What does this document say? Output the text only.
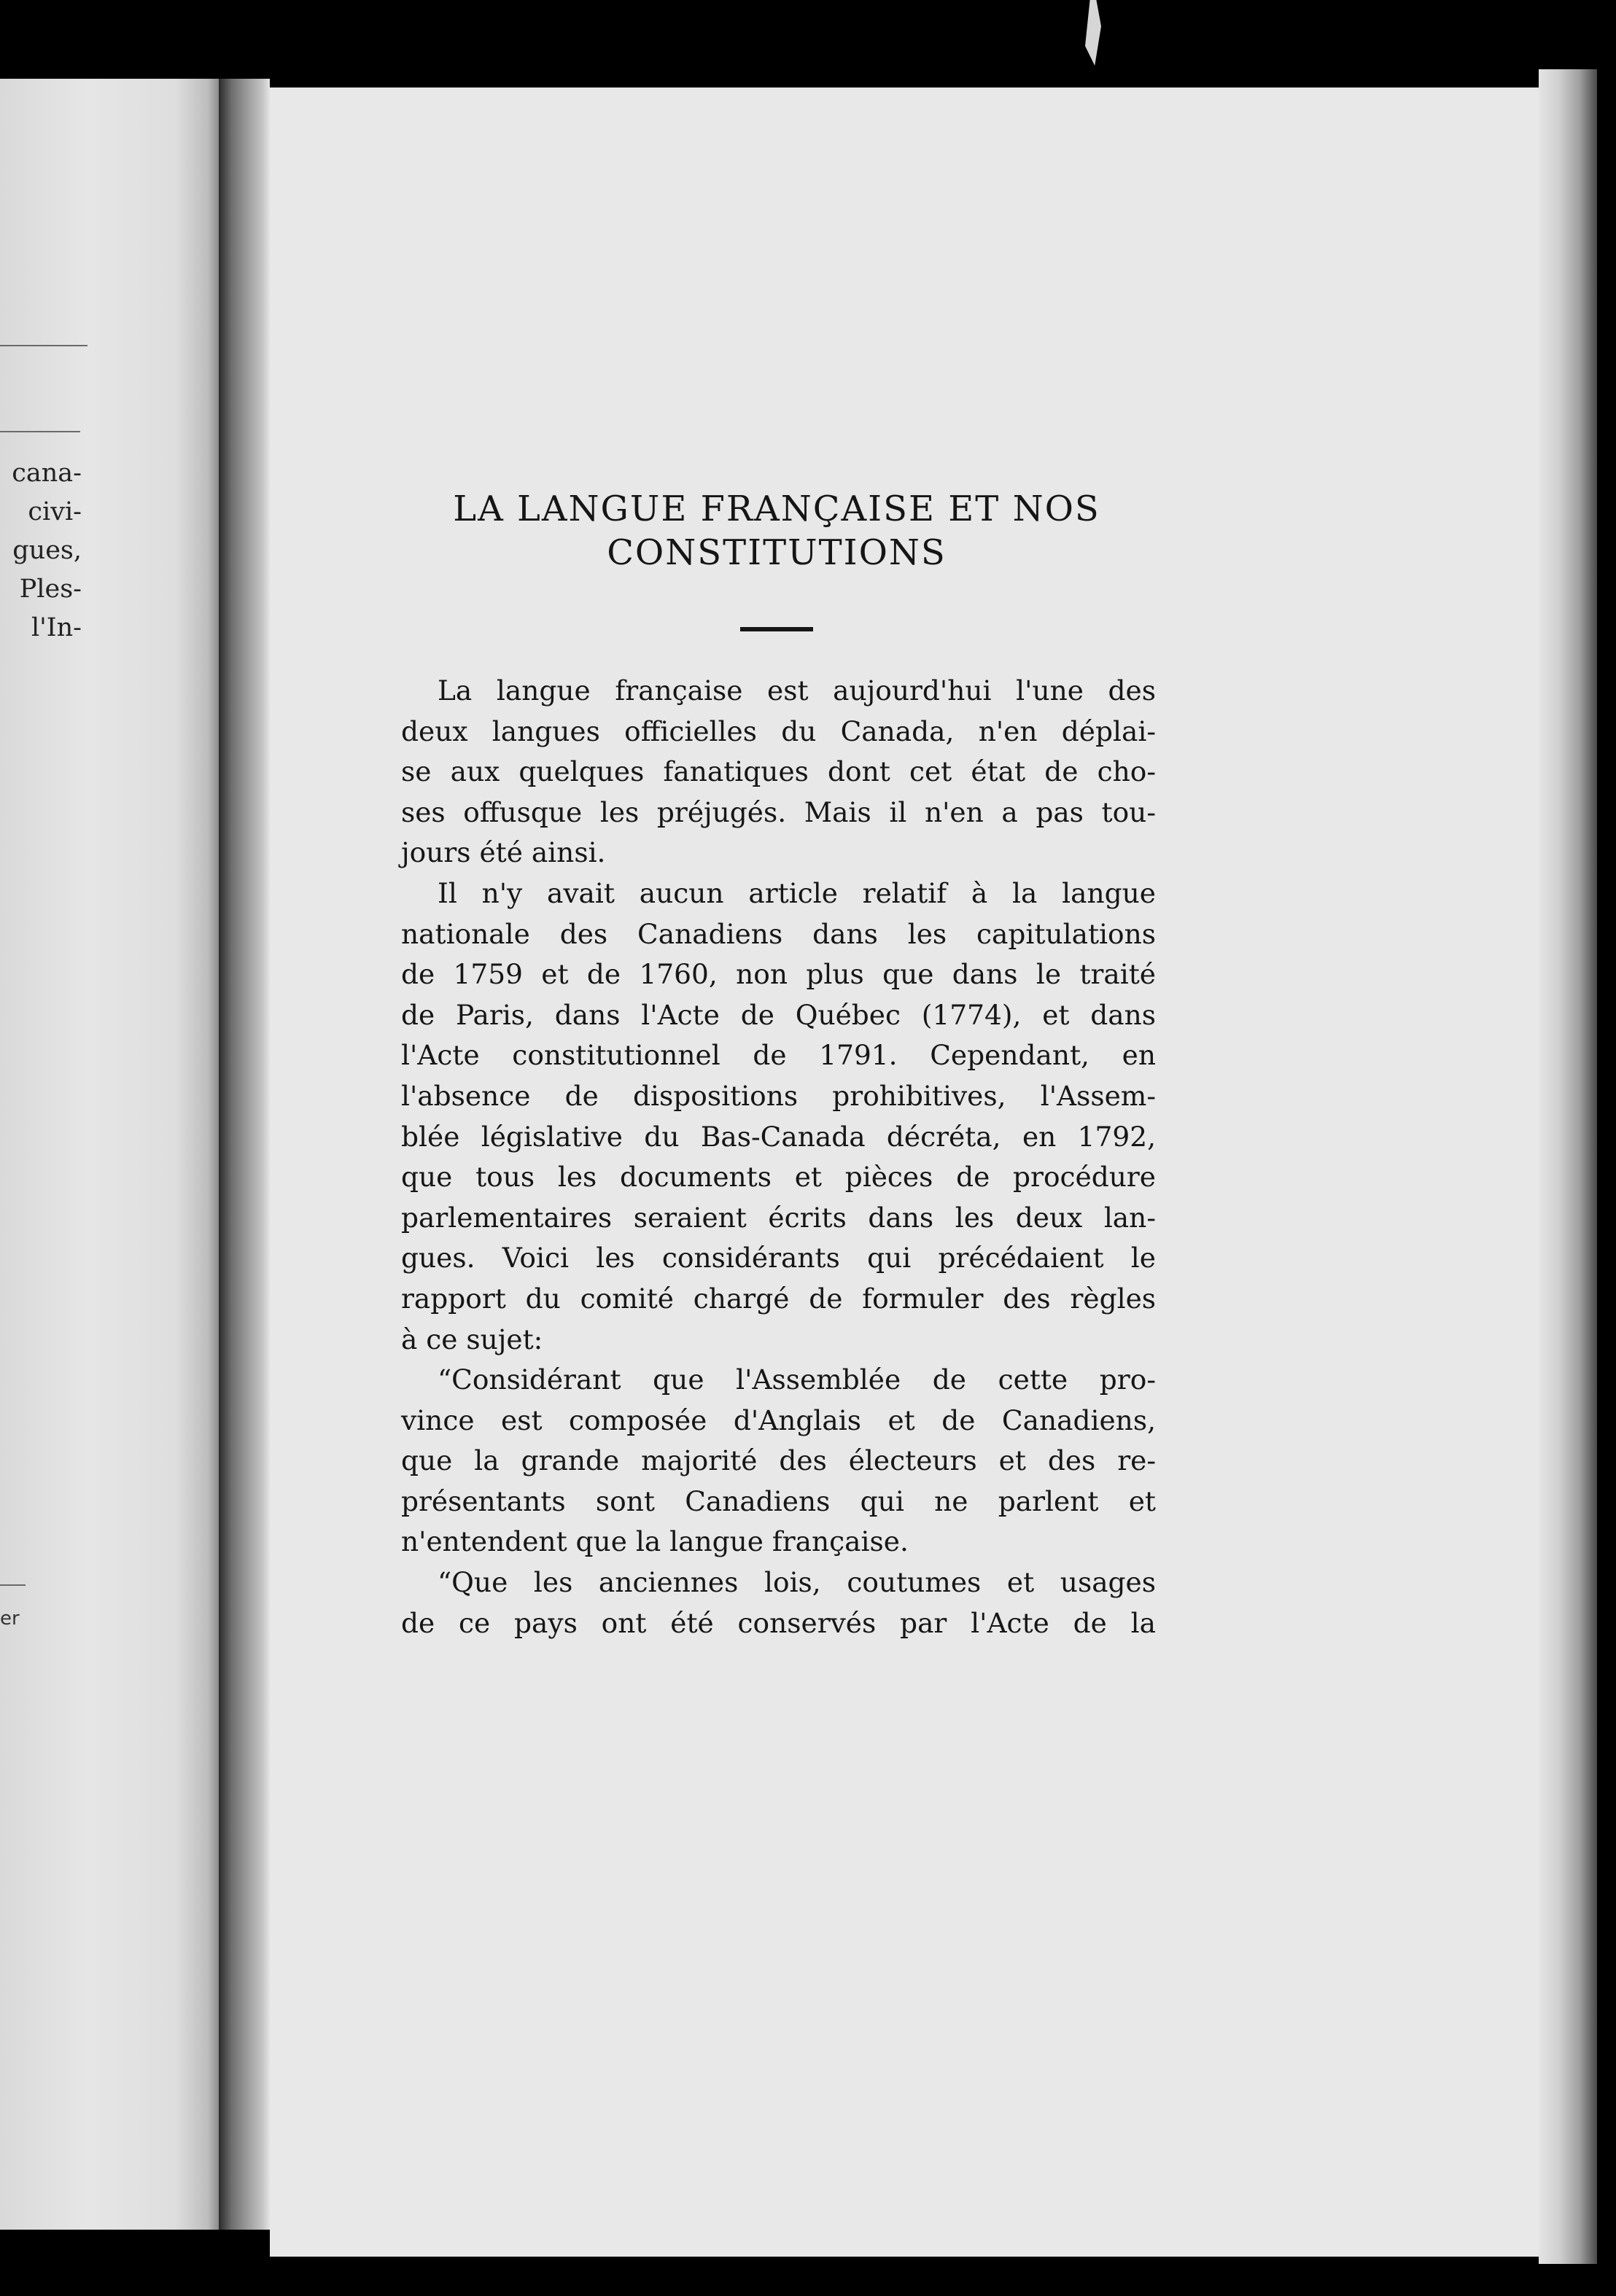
cana-
civi-
gues,
Ples-
l'In-
er
LA LANGUE FRANÇAISE ET NOS
CONSTITUTIONS
La langue française est aujourd'hui l'une des
deux langues officielles du Canada, n'en déplai-
se aux quelques fanatiques dont cet état de cho-
ses offusque les préjugés. Mais il n'en a pas tou-
jours été ainsi.
Il n'y avait aucun article relatif à la langue
nationale des Canadiens dans les capitulations
de 1759 et de 1760, non plus que dans le traité
de Paris, dans l'Acte de Québec (1774), et dans
l'Acte constitutionnel de 1791. Cependant, en
l'absence de dispositions prohibitives, l'Assem-
blée législative du Bas-Canada décréta, en 1792,
que tous les documents et pièces de procédure
parlementaires seraient écrits dans les deux lan-
gues. Voici les considérants qui précédaient le
rapport du comité chargé de formuler des règles
à ce sujet:
“Considérant que l'Assemblée de cette pro-
vince est composée d'Anglais et de Canadiens,
que la grande majorité des électeurs et des re-
présentants sont Canadiens qui ne parlent et
n'entendent que la langue française.
“Que les anciennes lois, coutumes et usages
de ce pays ont été conservés par l'Acte de la
